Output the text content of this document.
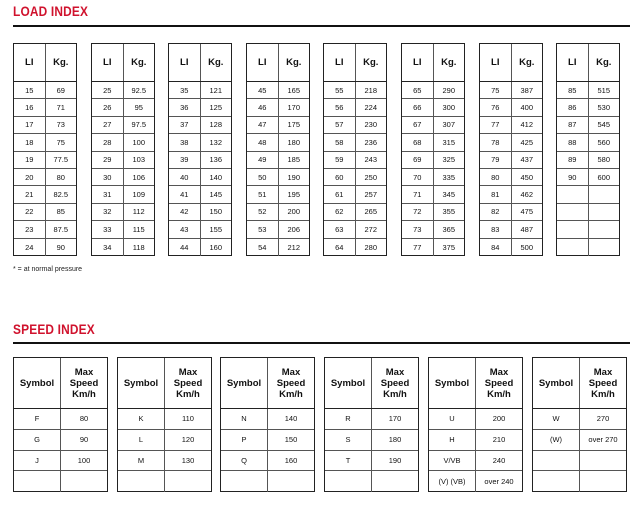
LOAD INDEX
LI	Kg.
15	69
16	71
17	73
18	75
19	77.5
20	80
21	82.5
22	85
23	87.5
24	90
LI	Kg.
25	92.5
26	95
27	97.5
28	100
29	103
30	106
31	109
32	112
33	115
34	118
LI	Kg.
35	121
36	125
37	128
38	132
39	136
40	140
41	145
42	150
43	155
44	160
LI	Kg.
45	165
46	170
47	175
48	180
49	185
50	190
51	195
52	200
53	206
54	212
LI	Kg.
55	218
56	224
57	230
58	236
59	243
60	250
61	257
62	265
63	272
64	280
LI	Kg.
65	290
66	300
67	307
68	315
69	325
70	335
71	345
72	355
73	365
77	375
LI	Kg.
75	387
76	400
77	412
78	425
79	437
80	450
81	462
82	475
83	487
84	500
LI	Kg.
85	515
86	530
87	545
88	560
89	580
90	600
* = at normal pressure
SPEED INDEX
Symbol
Max
Speed
Km/h
F	80
G	90
J	100
Symbol
Max
Speed
Km/h
K	110
L	120
M	130
Symbol
Max
Speed
Km/h
N	140
P	150
Q	160
Symbol
Max
Speed
Km/h
R	170
S	180
T	190
Symbol
Max
Speed
Km/h
U	200
H	210
V/VB	240
(V) (VB)	over 240
Symbol
Max
Speed
Km/h
W	270
(W)	over 270
